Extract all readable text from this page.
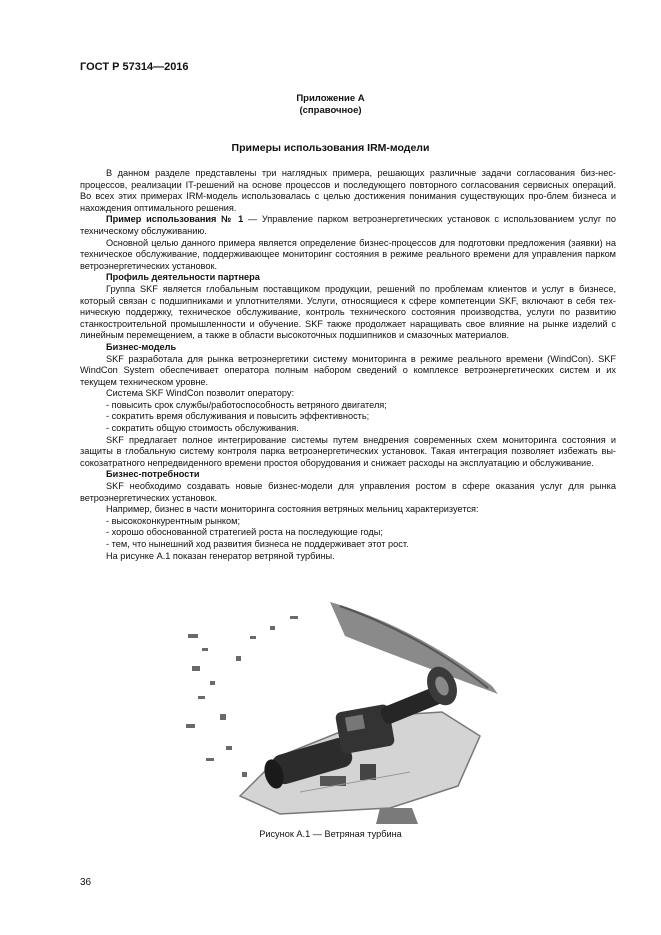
ГОСТ Р 57314—2016
Приложение А
(справочное)
Примеры использования IRM-модели

В данном разделе представлены три наглядных примера, решающих различные задачи согласования биз-нес-процессов, реализации IT-решений на основе процессов и последующего повторного согласования сервисных операций. Во всех этих примерах IRM-модель использовалась с целью достижения понимания существующих про-блем бизнеса и нахождения оптимального решения.

Пример использования № 1 — Управление парком ветроэнергетических установок с использованием услуг по техническому обслуживанию.

Основной целью данного примера является определение бизнес-процессов для подготовки предложения (заявки) на техническое обслуживание, поддерживающее мониторинг состояния в режиме реального времени для управления парком ветроэнергетических установок.

Профиль деятельности партнера

Группа SKF является глобальным поставщиком продукции, решений по проблемам клиентов и услуг в бизнесе, который связан с подшипниками и уплотнителями. Услуги, относящиеся к сфере компетенции SKF, включают в себя тех-ническую поддержку, техническое обслуживание, контроль технического состояния производства, услуги по развитию станкостроительной промышленности и обучение. SKF также продолжает наращивать свое влияние на рынке изделий с линейным перемещением, а также в области высокоточных подшипников и смазочных материалов.

Бизнес-модель

SKF разработала для рынка ветроэнергетики систему мониторинга в режиме реального времени (WindCon). SKF WindCon System обеспечивает оператора полным набором сведений о комплексе ветроэнергетических систем и их текущем техническом уровне.

Система SKF WindCon позволит оператору:

- повысить срок службы/работоспособность ветряного двигателя;

- сократить время обслуживания и повысить эффективность;

- сократить общую стоимость обслуживания.

SKF предлагает полное интегрирование системы путем внедрения современных схем мониторинга состояния и защиты в глобальную систему контроля парка ветроэнергетических установок. Такая интеграция позволяет избежать вы-сокозатратного непредвиденного времени простоя оборудования и снижает расходы на эксплуатацию и обслуживание.

Бизнес-потребности

SKF необходимо создавать новые бизнес-модели для управления ростом в сфере оказания услуг для рынка ветроэнергетических установок.

Например, бизнес в части мониторинга состояния ветряных мельниц характеризуется:

- высококонкурентным рынком;

- хорошо обоснованной стратегией роста на последующие годы;

- тем, что нынешний ход развития бизнеса не поддерживает этот рост.

На рисунке А.1 показан генератор ветряной турбины.

Рисунок А.1 — Ветряная турбина
36
